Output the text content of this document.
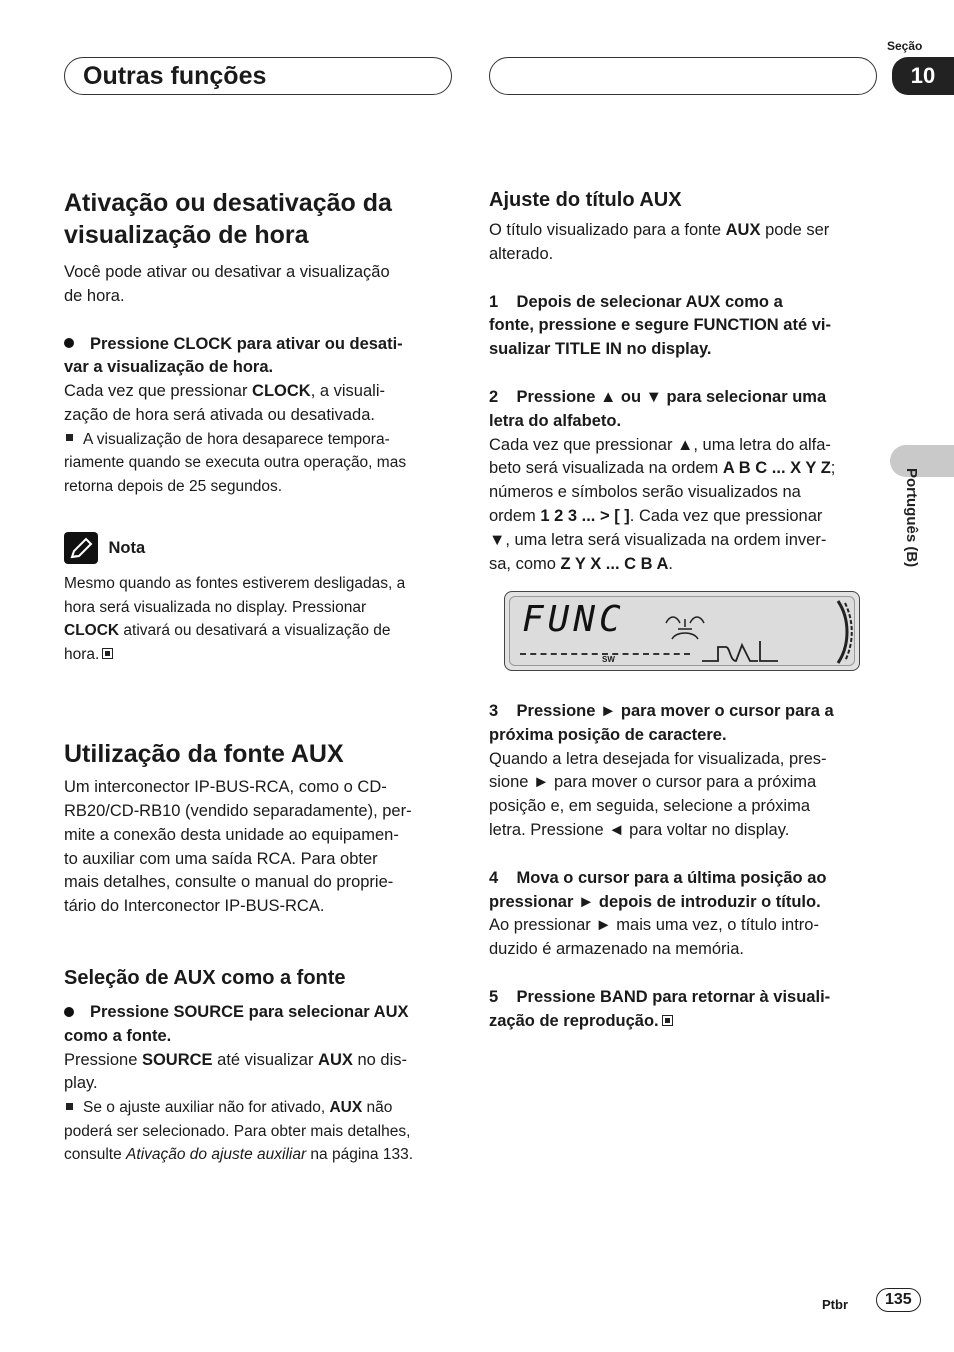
Outras funções
Seção
10
Português (B)
Ativação ou desativação da
visualização de hora

Você pode ativar ou desativar a visualização
de hora.

Pressione CLOCK para ativar ou desati-
var a visualização de hora.

Cada vez que pressionar CLOCK, a visuali-
zação de hora será ativada ou desativada.

A visualização de hora desaparece tempora-
riamente quando se executa outra operação, mas
retorna depois de 25 segundos.

Nota

Mesmo quando as fontes estiverem desligadas, a
hora será visualizada no display. Pressionar
CLOCK ativará ou desativará a visualização de
hora.

Utilização da fonte AUX

Um interconector IP-BUS-RCA, como o CD-
RB20/CD-RB10 (vendido separadamente), per-
mite a conexão desta unidade ao equipamen-
to auxiliar com uma saída RCA. Para obter
mais detalhes, consulte o manual do proprie-
tário do Interconector IP-BUS-RCA.

Seleção de AUX como a fonte

Pressione SOURCE para selecionar AUX
como a fonte.

Pressione SOURCE até visualizar AUX no dis-
play.

Se o ajuste auxiliar não for ativado, AUX não
poderá ser selecionado. Para obter mais detalhes,
consulte Ativação do ajuste auxiliar na página 133.

Ajuste do título AUX

O título visualizado para a fonte AUX pode ser
alterado.

1 Depois de selecionar AUX como a
fonte, pressione e segure FUNCTION até vi-
sualizar TITLE IN no display.

2 Pressione ▲ ou ▼ para selecionar uma
letra do alfabeto.

Cada vez que pressionar ▲, uma letra do alfa-
beto será visualizada na ordem A B C ... X Y Z;
números e símbolos serão visualizados na
ordem 1 2 3 ... > [ ]. Cada vez que pressionar
▼, uma letra será visualizada na ordem inver-
sa, como Z Y X ... C B A.

FUNC
SW

3 Pressione ► para mover o cursor para a
próxima posição de caractere.

Quando a letra desejada for visualizada, pres-
sione ► para mover o cursor para a próxima
posição e, em seguida, selecione a próxima
letra. Pressione ◄ para voltar no display.

4 Mova o cursor para a última posição ao
pressionar ► depois de introduzir o título.

Ao pressionar ► mais uma vez, o título intro-
duzido é armazenado na memória.

5 Pressione BAND para retornar à visuali-
zação de reprodução.

Ptbr	135
